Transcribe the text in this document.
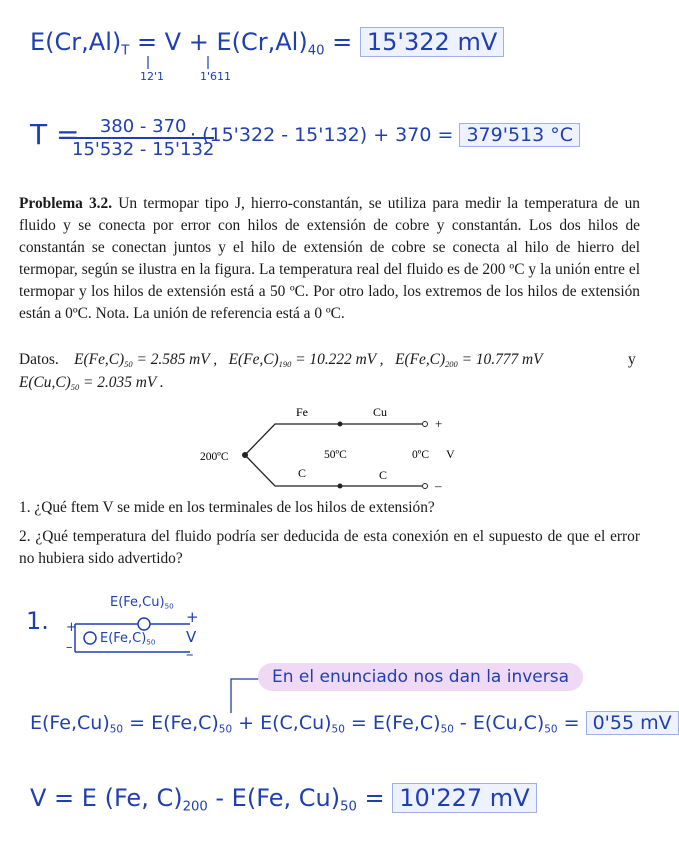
$E(Cr,Al)_T = V + E(Cr,Al)_{40} = 15'322$ mV
12'1	1'611
T =
$\frac{380 - 370}{15'532 - 15'132}$
· (15'322 - 15'132) + 370 = 379'513 °C
Problema 3.2. Un termopar tipo J, hierro-constantán, se utiliza para medir la temperatura de un fluido y se conecta por error con hilos de extensión de cobre y constantán. Los dos hilos de constantán se conectan juntos y el hilo de extensión de cobre se conecta al hilo de hierro del termopar, según se ilustra en la figura. La temperatura real del fluido es de 200 ºC y la unión entre el termopar y los hilos de extensión está a 50 ºC. Por otro lado, los extremos de los hilos de extensión están a 0ºC. Nota. La unión de referencia está a 0 ºC.
Datos. $E(Fe,C)_{50} = 2.585$ mV , $E(Fe,C)_{190} = 10.222$ mV , $E(Fe,C)_{200} = 10.777$ mV	y
$E(Cu,C)_{50} = 2.035$ mV .
Fe	Cu
C	C
200ºC	50ºC	0ºC V
+
–
1. ¿Qué ftem V se mide en los terminales de los hilos de extensión?
2. ¿Qué temperatura del fluido podría ser deducida de esta conexión en el supuesto de que el error no hubiera sido advertido?
1.
$E(Fe,Cu)_{50}$
$E(Fe,C)_{50}$
+
V
–
+
–
En el enunciado nos dan la inversa
$E(Fe,Cu)_{50} = E(Fe,C)_{50} + E(C,Cu)_{50} = E(Fe,C)_{50} - E(Cu,C)_{50} = 0'55$ mV
V = E (Fe, $C)_{200} - E(Fe$, $Cu)_{50} = 10'227$ mV
